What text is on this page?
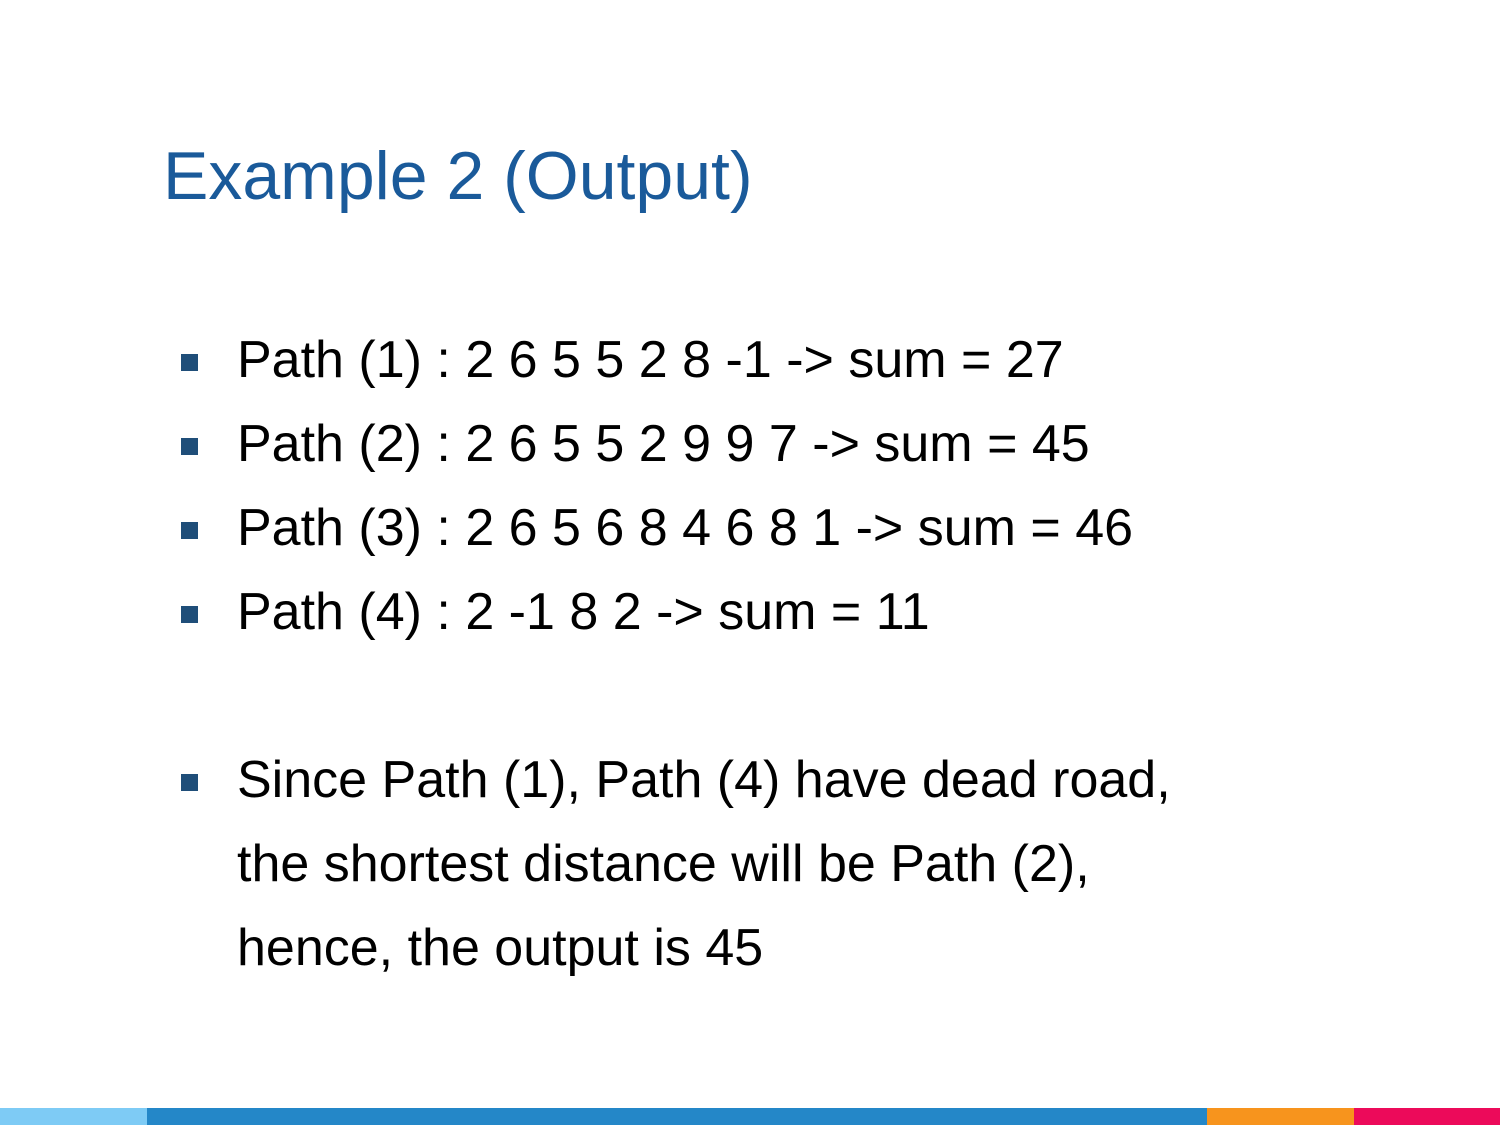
Example 2 (Output)
Path (1) : 2 6 5 5 2 8 -1 -> sum = 27
Path (2) : 2 6 5 5 2 9 9 7 -> sum = 45
Path (3) : 2 6 5 6 8 4 6 8 1 -> sum = 46
Path (4) : 2 -1 8 2 -> sum = 11
Since Path (1), Path (4) have dead road,
the shortest distance will be Path (2),
hence, the output is 45
